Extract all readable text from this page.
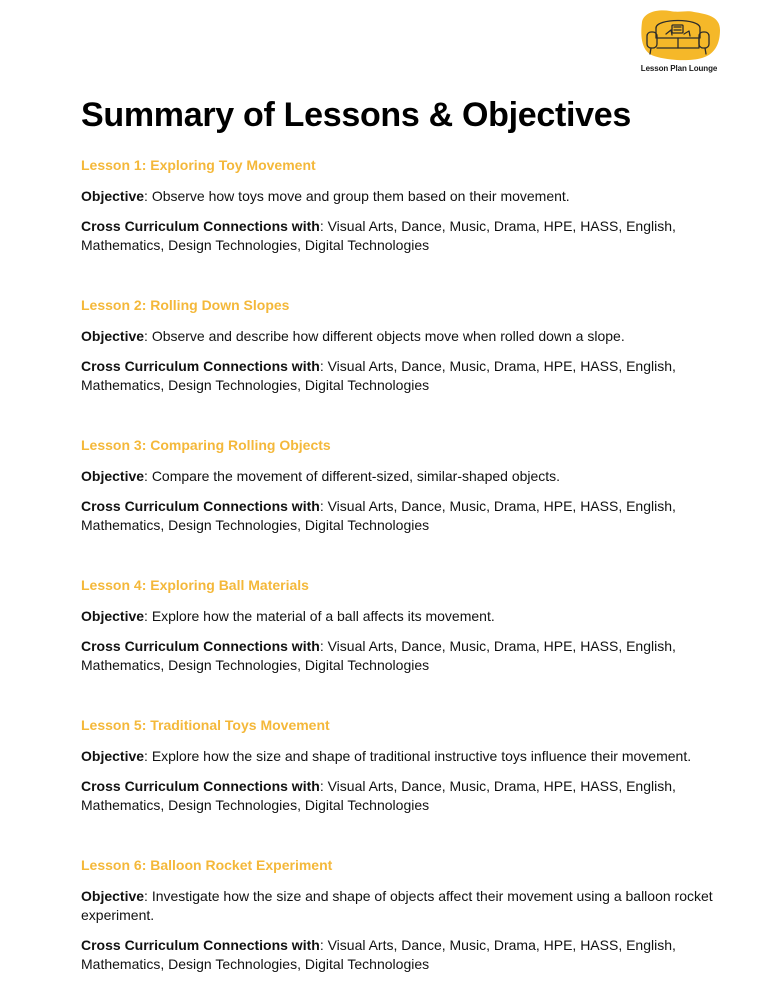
Lesson Plan Lounge
Summary of Lessons & Objectives
Lesson 1: Exploring Toy Movement
Objective: Observe how toys move and group them based on their movement.
Cross Curriculum Connections with: Visual Arts, Dance, Music, Drama, HPE, HASS, English, Mathematics, Design Technologies, Digital Technologies
Lesson 2: Rolling Down Slopes
Objective: Observe and describe how different objects move when rolled down a slope.
Cross Curriculum Connections with: Visual Arts, Dance, Music, Drama, HPE, HASS, English, Mathematics, Design Technologies, Digital Technologies
Lesson 3: Comparing Rolling Objects
Objective: Compare the movement of different-sized, similar-shaped objects.
Cross Curriculum Connections with: Visual Arts, Dance, Music, Drama, HPE, HASS, English, Mathematics, Design Technologies, Digital Technologies
Lesson 4: Exploring Ball Materials
Objective: Explore how the material of a ball affects its movement.
Cross Curriculum Connections with: Visual Arts, Dance, Music, Drama, HPE, HASS, English, Mathematics, Design Technologies, Digital Technologies
Lesson 5: Traditional Toys Movement
Objective: Explore how the size and shape of traditional instructive toys influence their movement.
Cross Curriculum Connections with: Visual Arts, Dance, Music, Drama, HPE, HASS, English, Mathematics, Design Technologies, Digital Technologies
Lesson 6: Balloon Rocket Experiment
Objective: Investigate how the size and shape of objects affect their movement using a balloon rocket experiment.
Cross Curriculum Connections with: Visual Arts, Dance, Music, Drama, HPE, HASS, English, Mathematics, Design Technologies, Digital Technologies
